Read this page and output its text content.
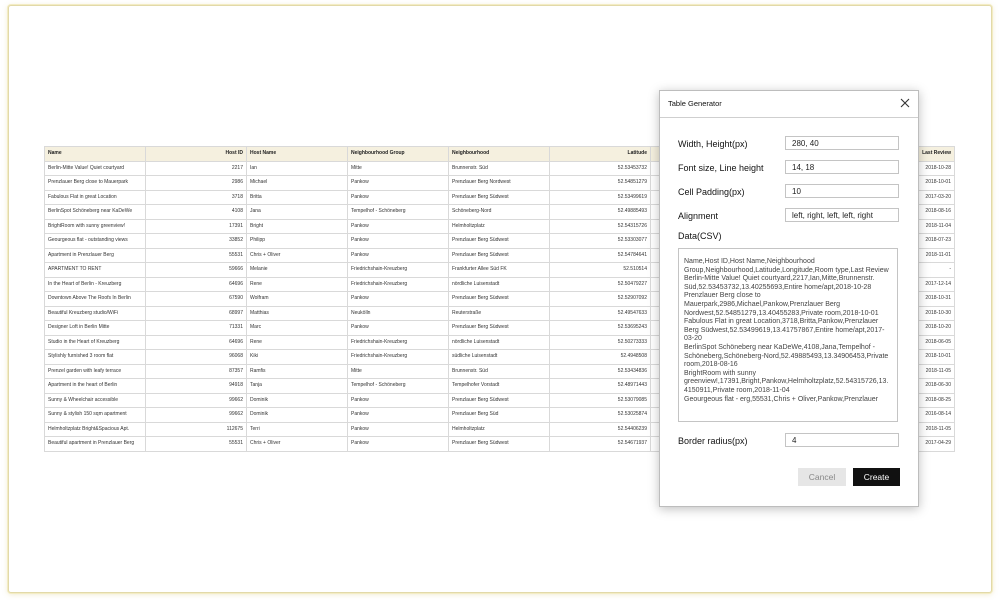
Name	Host ID	Host Name	Neighbourhood Group	Neighbourhood	Latitude	Last Review
Berlin-Mitte Value! Quiet courtyard	2217	Ian	Mitte	Brunnenstr. Süd	52.53453732	2018-10-28
Prenzlauer Berg close to Mauerpark	2986	Michael	Pankow	Prenzlauer Berg Nordwest	52.54851279	2018-10-01
Fabulous Flat in great Location	3718	Britta	Pankow	Prenzlauer Berg Südwest	52.53499619	2017-03-20
BerlinSpot Schöneberg near KaDeWe	4108	Jana	Tempelhof - Schöneberg	Schöneberg-Nord	52.49885493	2018-08-16
BrightRoom with sunny greenview!	17391	Bright	Pankow	Helmholtzplatz	52.54315726	2018-11-04
Geourgeous flat - outstanding views	33852	Philipp	Pankow	Prenzlauer Berg Südwest	52.53303077	2018-07-23
Apartment in Prenzlauer Berg	55531	Chris + Oliver	Pankow	Prenzlauer Berg Südwest	52.54784641	2018-11-01
APARTMENT TO RENT	59666	Melanie	Friedrichshain-Kreuzberg	Frankfurter Allee Süd FK	52.510514	-
In the Heart of Berlin - Kreuzberg	64696	Rene	Friedrichshain-Kreuzberg	nördliche Luisenstadt	52.50479227	2017-12-14
Downtown Above The Roofs In Berlin	67590	Wolfram	Pankow	Prenzlauer Berg Südwest	52.52907092	2018-10-31
Beautiful Kreuzberg studio/WiFi	68997	Matthias	Neukölln	Reuterstraße	52.49547633	2018-10-30
Designer Loft in Berlin Mitte	71331	Marc	Pankow	Prenzlauer Berg Südwest	52.53695243	2018-10-20
Studio in the Heart of Kreuzberg	64696	Rene	Friedrichshain-Kreuzberg	nördliche Luisenstadt	52.50273333	2018-06-05
Stylishly furnished 3 room flat	96068	Kiki	Friedrichshain-Kreuzberg	südliche Luisenstadt	52.4948508	2018-10-01
Prenzel garden with leafy terrace	87357	Ramfis	Mitte	Brunnenstr. Süd	52.53434836	2018-11-05
Apartment in the heart of Berlin	94918	Tanja	Tempelhof - Schöneberg	Tempelhofer Vorstadt	52.48971443	2018-06-30
Sunny & Wheelchair accessible	99662	Dominik	Pankow	Prenzlauer Berg Südwest	52.53079085	2018-08-25
Sunny & stylish 150 sqm apartment	99662	Dominik	Pankow	Prenzlauer Berg Süd	52.53025874	2016-08-14
Helmholtzplatz Bright&Spacious Apt.	112675	Terri	Pankow	Helmholtzplatz	52.54406239	2018-11-05
Beautiful apartment in Prenzlauer Berg	55531	Chris + Oliver	Pankow	Prenzlauer Berg Südwest	52.54671937	2017-04-29
Table Generator
Width, Height(px)
280, 40
Font size, Line height
14, 18
Cell Padding(px)
10
Alignment
left, right, left, left, right
Data(CSV)
Name,Host ID,Host Name,Neighbourhood Group,Neighbourhood,Latitude,Longitude,Room type,Last Review Berlin-Mitte Value! Quiet courtyard,2217,Ian,Mitte,Brunnenstr. Süd,52.53453732,13.40255693,Entire home/apt,2018-10-28 Prenzlauer Berg close to Mauerpark,2986,Michael,Pankow,Prenzlauer Berg Nordwest,52.54851279,13.40455283,Private room,2018-10-01 Fabulous Flat in great Location,3718,Britta,Pankow,Prenzlauer Berg Südwest,52.53499619,13.41757867,Entire home/apt,2017-03-20 BerlinSpot Schöneberg near KaDeWe,4108,Jana,Tempelhof - Schöneberg,Schöneberg-Nord,52.49885493,13.34906453,Private room,2018-08-16 BrightRoom with sunny greenview!,17391,Bright,Pankow,Helmholtzplatz,52.54315726,13.4150911,Private room,2018-11-04 Geourgeous flat - erg,55531,Chris + Oliver,Pankow,Prenzlauer
Border radius(px)
4
Cancel	Create
